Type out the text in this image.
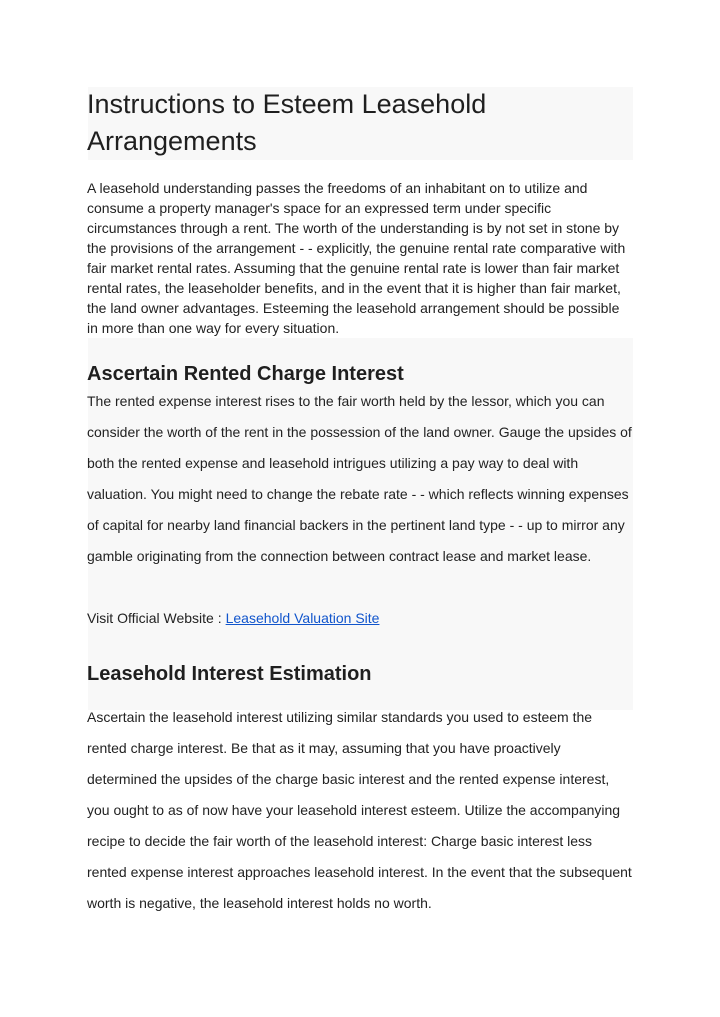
Instructions to Esteem Leasehold Arrangements

A leasehold understanding passes the freedoms of an inhabitant on to utilize and consume a property manager's space for an expressed term under specific circumstances through a rent. The worth of the understanding is by not set in stone by the provisions of the arrangement - - explicitly, the genuine rental rate comparative with fair market rental rates. Assuming that the genuine rental rate is lower than fair market rental rates, the leaseholder benefits, and in the event that it is higher than fair market, the land owner advantages. Esteeming the leasehold arrangement should be possible in more than one way for every situation.

Ascertain Rented Charge Interest

The rented expense interest rises to the fair worth held by the lessor, which you can consider the worth of the rent in the possession of the land owner. Gauge the upsides of both the rented expense and leasehold intrigues utilizing a pay way to deal with valuation. You might need to change the rebate rate - - which reflects winning expenses of capital for nearby land financial backers in the pertinent land type - - up to mirror any gamble originating from the connection between contract lease and market lease.

Visit Official Website : Leasehold Valuation Site

Leasehold Interest Estimation

Ascertain the leasehold interest utilizing similar standards you used to esteem the rented charge interest. Be that as it may, assuming that you have proactively determined the upsides of the charge basic interest and the rented expense interest, you ought to as of now have your leasehold interest esteem. Utilize the accompanying recipe to decide the fair worth of the leasehold interest: Charge basic interest less rented expense interest approaches leasehold interest. In the event that the subsequent worth is negative, the leasehold interest holds no worth.
